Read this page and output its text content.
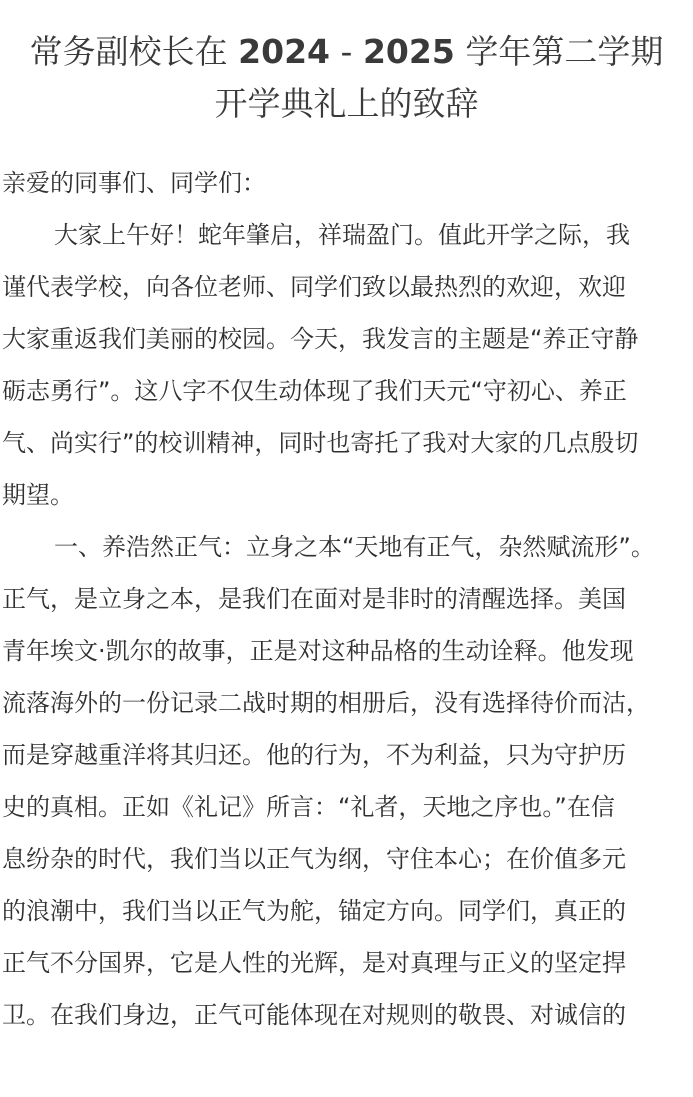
常务副校长在 2024 - 2025 学年第二学期
开学典礼上的致辞
亲爱的同事们、同学们：
大家上午好！蛇年肇启，祥瑞盈门。值此开学之际，我
谨代表学校，向各位老师、同学们致以最热烈的欢迎，欢迎
大家重返我们美丽的校园。今天，我发言的主题是“养正守静
砺志勇行”。这八字不仅生动体现了我们天元“守初心、养正
气、尚实行”的校训精神，同时也寄托了我对大家的几点殷切
期望。
一、养浩然正气：立身之本“天地有正气，杂然赋流形”。
正气，是立身之本，是我们在面对是非时的清醒选择。美国
青年埃文·凯尔的故事，正是对这种品格的生动诠释。他发现
流落海外的一份记录二战时期的相册后，没有选择待价而沽，
而是穿越重洋将其归还。他的行为，不为利益，只为守护历
史的真相。正如《礼记》所言：“礼者，天地之序也。”在信
息纷杂的时代，我们当以正气为纲，守住本心；在价值多元
的浪潮中，我们当以正气为舵，锚定方向。同学们，真正的
正气不分国界，它是人性的光辉，是对真理与正义的坚定捍
卫。在我们身边，正气可能体现在对规则的敬畏、对诚信的
